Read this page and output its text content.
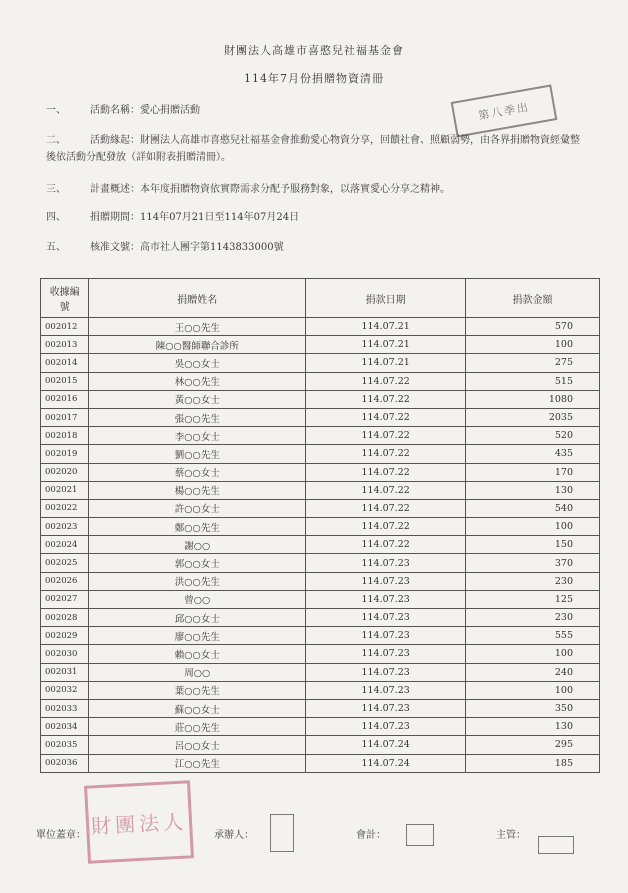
財團法人高雄市喜憨兒社福基金會
114年7月份捐贈物資清冊
第八季出
一、 活動名稱：愛心捐贈活動
二、 活動緣起：財團法人高雄市喜憨兒社福基金會推動愛心物資分享，回饋社會、照顧弱勢，由各界捐贈物資經彙整後依活動分配發放（詳如附表捐贈清冊）。
三、 計畫概述：本年度捐贈物資依實際需求分配予服務對象，以落實愛心分享之精神。
四、 捐贈期間：114年07月21日至114年07月24日
五、 核准文號：高市社人團字第1143833000號
收據編號	捐贈姓名	捐款日期	捐款金額
002012	王○○先生	114.07.21	570
002013	陳○○醫師聯合診所	114.07.21	100
002014	吳○○女士	114.07.21	275
002015	林○○先生	114.07.22	515
002016	黃○○女士	114.07.22	1080
002017	張○○先生	114.07.22	2035
002018	李○○女士	114.07.22	520
002019	劉○○先生	114.07.22	435
002020	蔡○○女士	114.07.22	170
002021	楊○○先生	114.07.22	130
002022	許○○女士	114.07.22	540
002023	鄭○○先生	114.07.22	100
002024	謝○○	114.07.22	150
002025	郭○○女士	114.07.23	370
002026	洪○○先生	114.07.23	230
002027	曾○○	114.07.23	125
002028	邱○○女士	114.07.23	230
002029	廖○○先生	114.07.23	555
002030	賴○○女士	114.07.23	100
002031	周○○	114.07.23	240
002032	葉○○先生	114.07.23	100
002033	蘇○○女士	114.07.23	350
002034	莊○○先生	114.07.23	130
002035	呂○○女士	114.07.24	295
002036	江○○先生	114.07.24	185
財團法人
單位蓋章：	承辦人：	會計：	主管：
